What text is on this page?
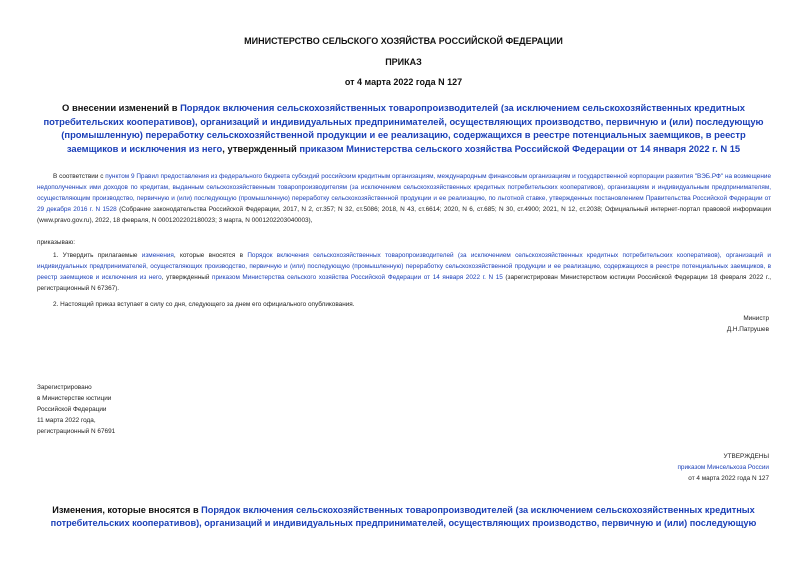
МИНИСТЕРСТВО СЕЛЬСКОГО ХОЗЯЙСТВА РОССИЙСКОЙ ФЕДЕРАЦИИ
ПРИКАЗ
от 4 марта 2022 года N 127
О внесении изменений в Порядок включения сельскохозяйственных товаропроизводителей (за исключением сельскохозяйственных кредитных потребительских кооперативов), организаций и индивидуальных предпринимателей, осуществляющих производство, первичную и (или) последующую (промышленную) переработку сельскохозяйственной продукции и ее реализацию, содержащихся в реестре потенциальных заемщиков, в реестр заемщиков и исключения из него, утвержденный приказом Министерства сельского хозяйства Российской Федерации от 14 января 2022 г. N 15
В соответствии с пунктом 9 Правил предоставления из федерального бюджета субсидий российским кредитным организациям, международным финансовым организациям и государственной корпорации развития "ВЭБ.РФ" на возмещение недополученных ими доходов по кредитам, выданным сельскохозяйственным товаропроизводителям (за исключением сельскохозяйственных кредитных потребительских кооперативов), организациям и индивидуальным предпринимателям, осуществляющим производство, первичную и (или) последующую (промышленную) переработку сельскохозяйственной продукции и ее реализацию, по льготной ставке, утвержденных постановлением Правительства Российской Федерации от 29 декабря 2016 г. N 1528 (Собрание законодательства Российской Федерации, 2017, N 2, ст.357; N 32, ст.5086; 2018, N 43, ст.6614; 2020, N 6, ст.685; N 30, ст.4900; 2021, N 12, ст.2038; Официальный интернет-портал правовой информации (www.pravo.gov.ru), 2022, 18 февраля, N 0001202202180023; 3 марта, N 0001202203040003),
приказываю:
1. Утвердить прилагаемые изменения, которые вносятся в Порядок включения сельскохозяйственных товаропроизводителей (за исключением сельскохозяйственных кредитных потребительских кооперативов), организаций и индивидуальных предпринимателей, осуществляющих производство, первичную и (или) последующую (промышленную) переработку сельскохозяйственной продукции и ее реализацию, содержащихся в реестре потенциальных заемщиков, в реестр заемщиков и исключения из него, утвержденный приказом Министерства сельского хозяйства Российской Федерации от 14 января 2022 г. N 15 (зарегистрирован Министерством юстиции Российской Федерации 18 февраля 2022 г., регистрационный N 67367).
2. Настоящий приказ вступает в силу со дня, следующего за днем его официального опубликования.
Министр
Д.Н.Патрушев
Зарегистрировано
в Министерстве юстиции
Российской Федерации
11 марта 2022 года,
регистрационный N 67691
УТВЕРЖДЕНЫ
приказом Минсельхоза России
от 4 марта 2022 года N 127
Изменения, которые вносятся в Порядок включения сельскохозяйственных товаропроизводителей (за исключением сельскохозяйственных кредитных потребительских кооперативов), организаций и индивидуальных предпринимателей, осуществляющих производство, первичную и (или) последующую
